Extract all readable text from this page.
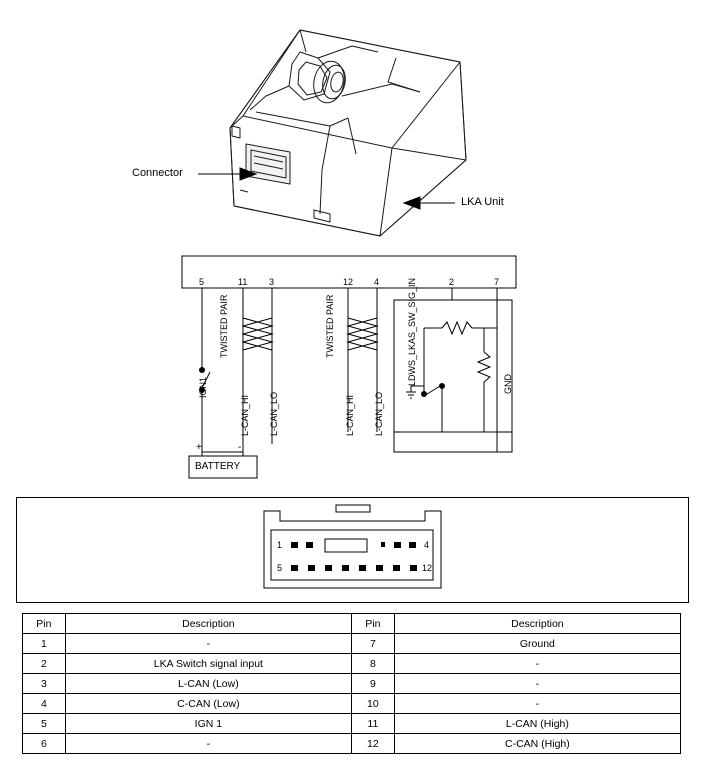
Connector
LKA Unit
5	11 3	12 4	2	7
TWISTED PAIR	TWISTED PAIR
IGN1
L-CAN_HI L-CAN_LO	L-CAN_HI L-CAN_LO
LDWS_LKAS_SW_SIG_IN	GND
+	-
BATTERY
1	4
5	12
Pin	Description	Pin	Description
1	-	7	Ground
2	LKA Switch signal input	8	-
3	L-CAN (Low)	9	-
4	C-CAN (Low)	10	-
5	IGN 1	11	L-CAN (High)
6	-	12	C-CAN (High)
